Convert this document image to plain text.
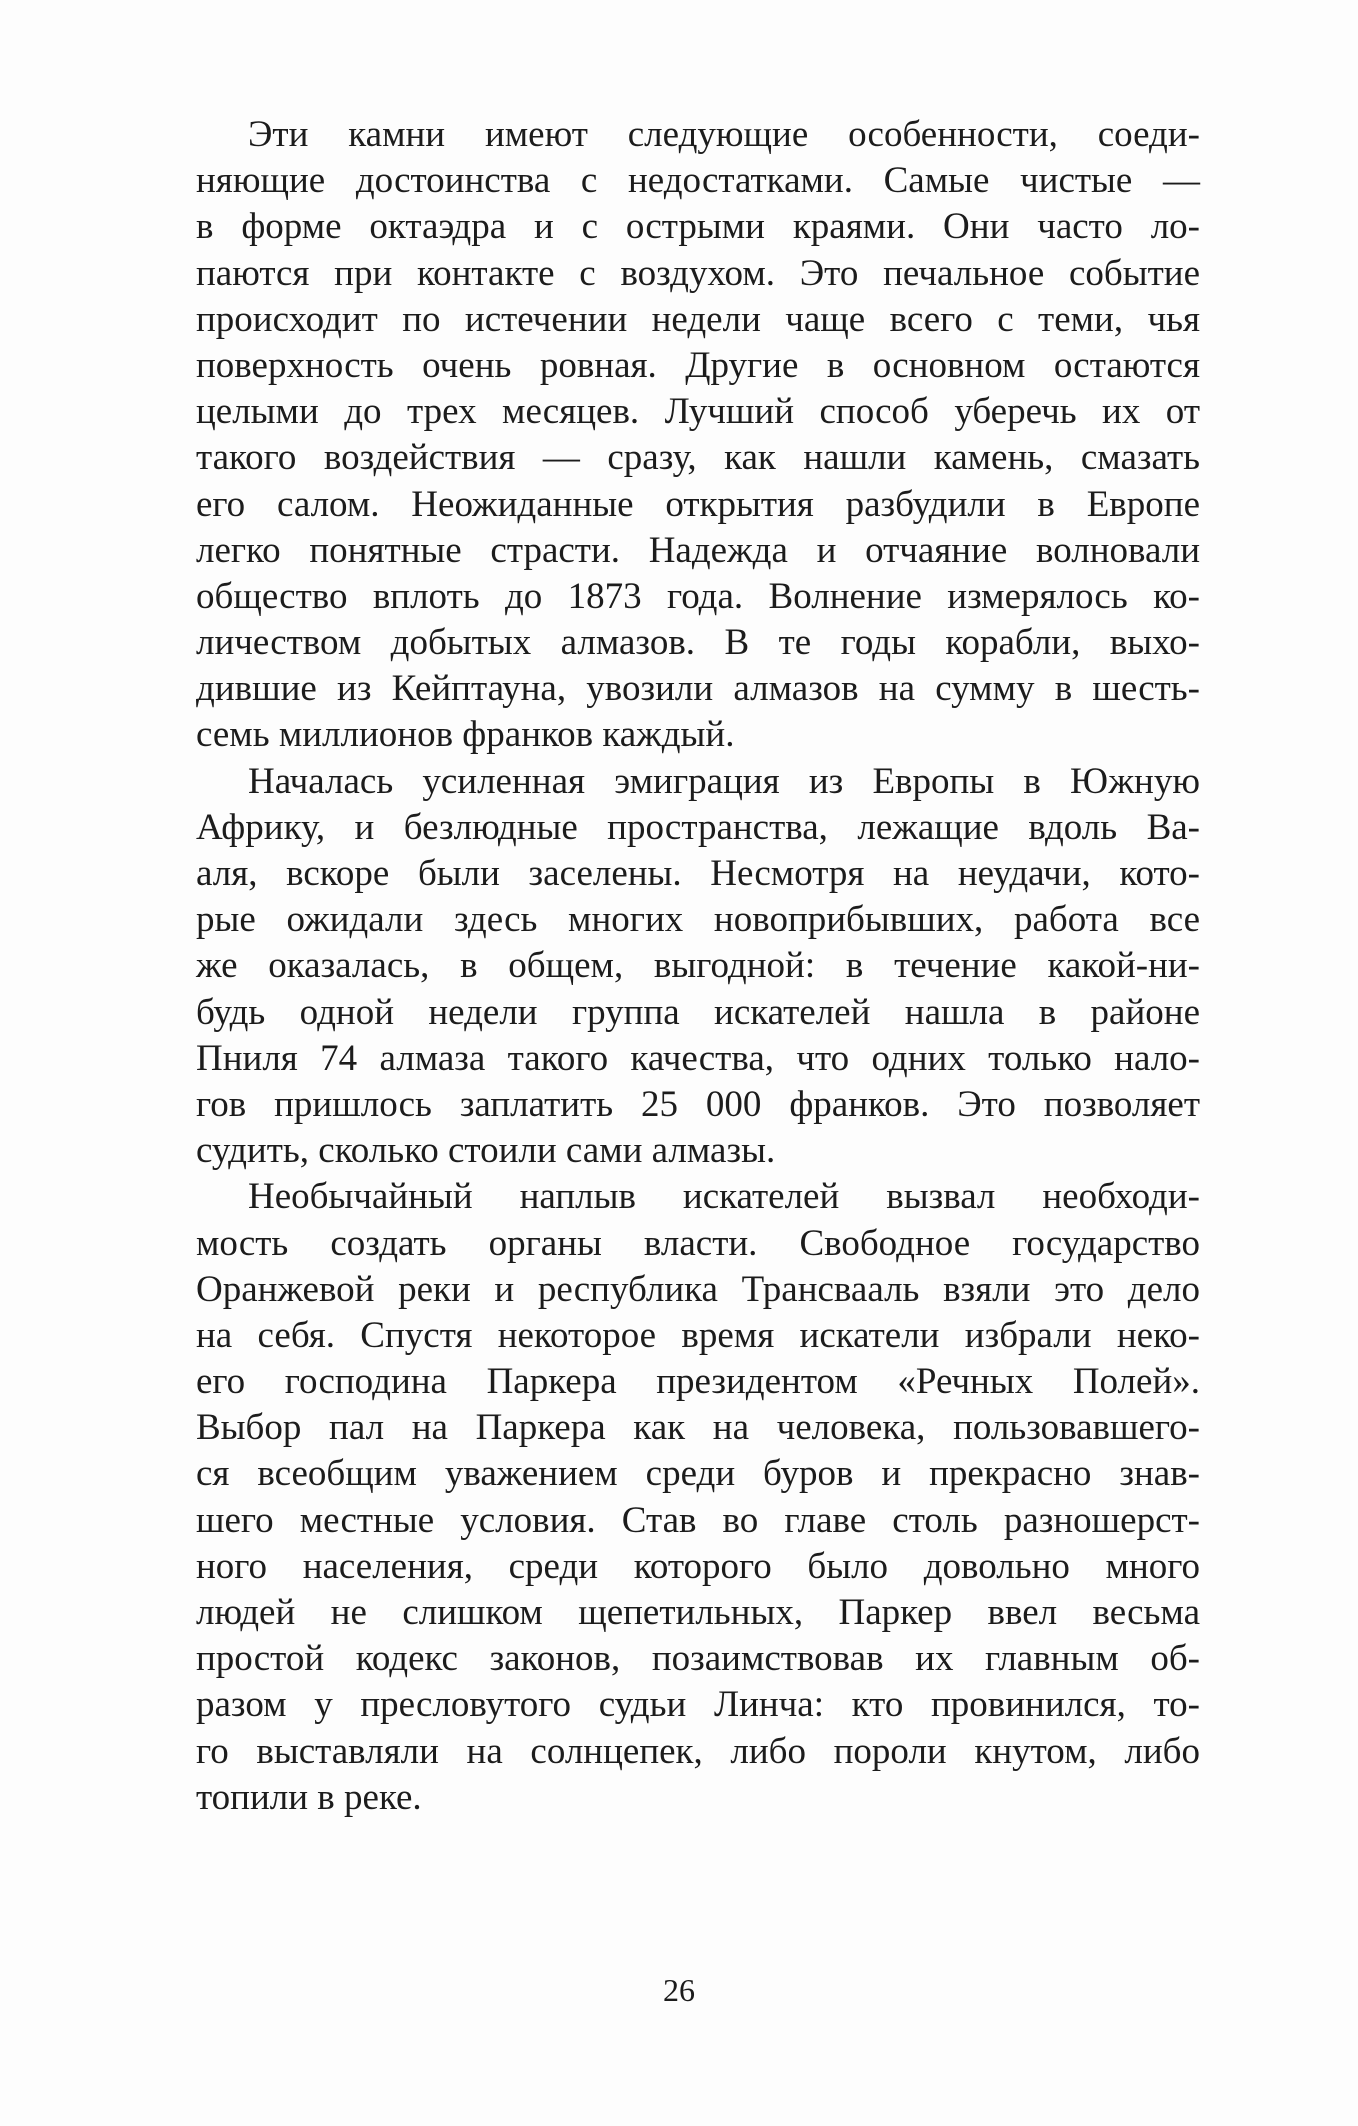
Эти камни имеют следующие особенности, соеди-
няющие достоинства с недостатками. Самые чистые —
в форме октаэдра и с острыми краями. Они часто ло-
паются при контакте с воздухом. Это печальное событие
происходит по истечении недели чаще всего с теми, чья
поверхность очень ровная. Другие в основном остаются
целыми до трех месяцев. Лучший способ уберечь их от
такого воздействия — сразу, как нашли камень, смазать
его салом. Неожиданные открытия разбудили в Европе
легко понятные страсти. Надежда и отчаяние волновали
общество вплоть до 1873 года. Волнение измерялось ко-
личеством добытых алмазов. В те годы корабли, выхо-
дившие из Кейптауна, увозили алмазов на сумму в шесть-
семь миллионов франков каждый.
Началась усиленная эмиграция из Европы в Южную
Африку, и безлюдные пространства, лежащие вдоль Ва-
аля, вскоре были заселены. Несмотря на неудачи, кото-
рые ожидали здесь многих новоприбывших, работа все
же оказалась, в общем, выгодной: в течение какой-ни-
будь одной недели группа искателей нашла в районе
Пниля 74 алмаза такого качества, что одних только нало-
гов пришлось заплатить 25 000 франков. Это позволяет
судить, сколько стоили сами алмазы.
Необычайный наплыв искателей вызвал необходи-
мость создать органы власти. Свободное государство
Оранжевой реки и республика Трансвааль взяли это дело
на себя. Спустя некоторое время искатели избрали неко-
его господина Паркера президентом «Речных Полей».
Выбор пал на Паркера как на человека, пользовавшего-
ся всеобщим уважением среди буров и прекрасно знав-
шего местные условия. Став во главе столь разношерст-
ного населения, среди которого было довольно много
людей не слишком щепетильных, Паркер ввел весьма
простой кодекс законов, позаимствовав их главным об-
разом у пресловутого судьи Линча: кто провинился, то-
го выставляли на солнцепек, либо пороли кнутом, либо
топили в реке.
26
